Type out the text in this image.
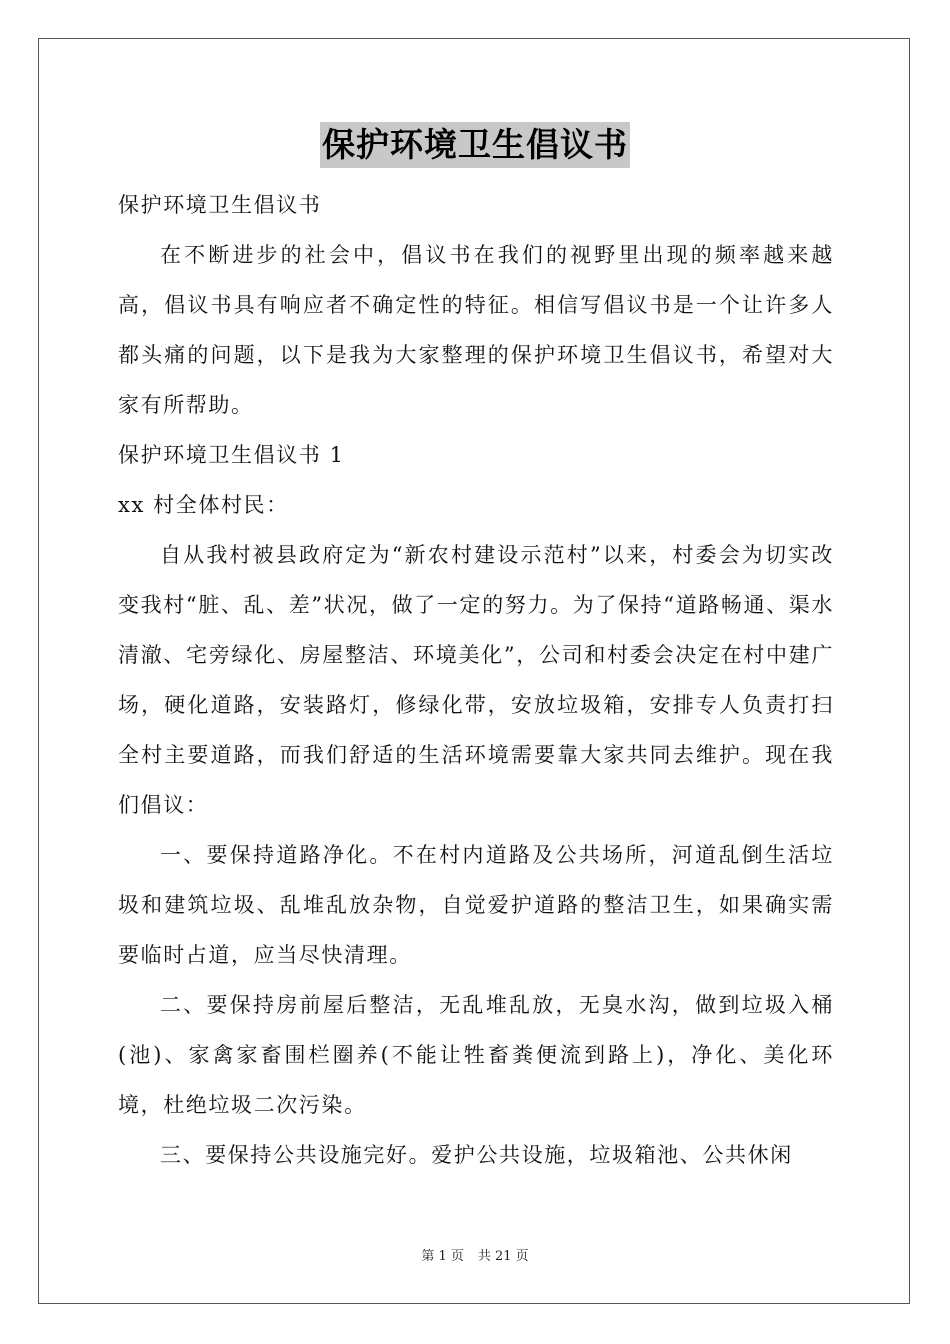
保护环境卫生倡议书

保护环境卫生倡议书

在不断进步的社会中，倡议书在我们的视野里出现的频率越来越高，倡议书具有响应者不确定性的特征。相信写倡议书是一个让许多人都头痛的问题，以下是我为大家整理的保护环境卫生倡议书，希望对大家有所帮助。

保护环境卫生倡议书 1

xx 村全体村民：

自从我村被县政府定为“新农村建设示范村”以来，村委会为切实改变我村“脏、乱、差”状况，做了一定的努力。为了保持“道路畅通、渠水清澈、宅旁绿化、房屋整洁、环境美化”，公司和村委会决定在村中建广场，硬化道路，安装路灯，修绿化带，安放垃圾箱，安排专人负责打扫全村主要道路，而我们舒适的生活环境需要靠大家共同去维护。现在我们倡议：

一、要保持道路净化。不在村内道路及公共场所，河道乱倒生活垃圾和建筑垃圾、乱堆乱放杂物，自觉爱护道路的整洁卫生，如果确实需要临时占道，应当尽快清理。

二、要保持房前屋后整洁，无乱堆乱放，无臭水沟，做到垃圾入桶(池)、家禽家畜围栏圈养(不能让牲畜粪便流到路上)，净化、美化环境，杜绝垃圾二次污染。

三、要保持公共设施完好。爱护公共设施，垃圾箱池、公共休闲

第 1 页 共 21 页
